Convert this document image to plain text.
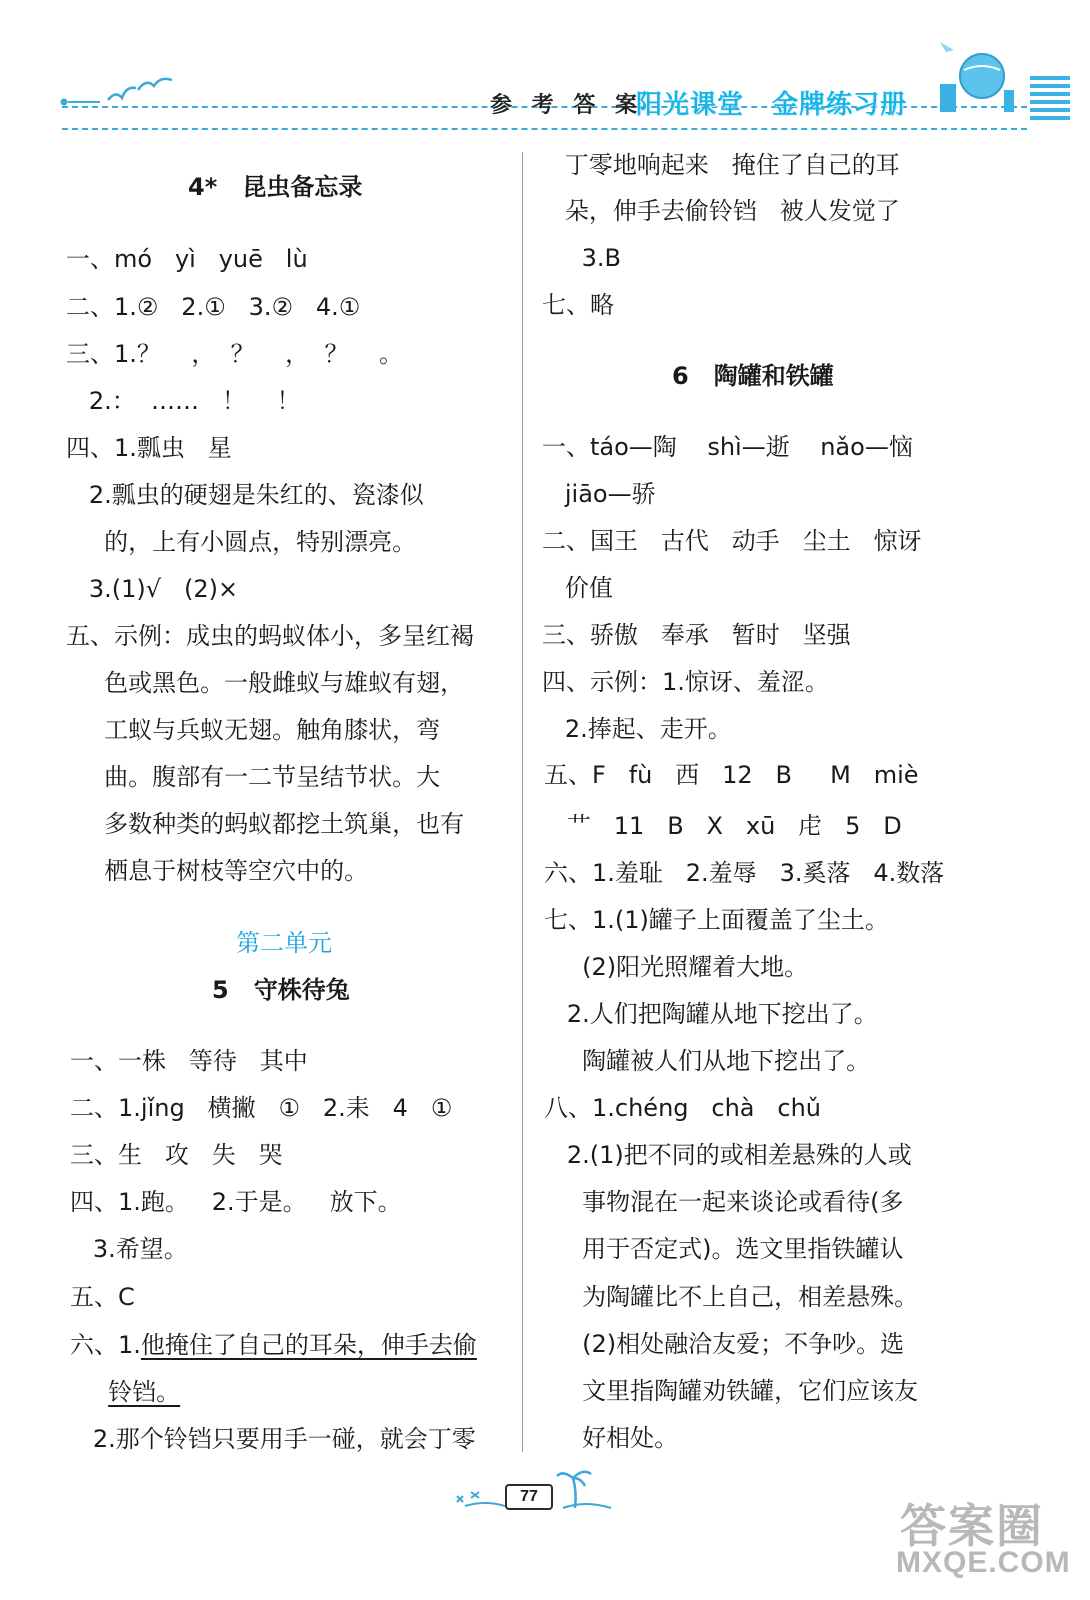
参 考 答 案
阳光课堂 金牌练习册
77
答案圈
MXQE.COM
4*   昆虫备忘录
一、mó   yì   yuē   lù
二、1.②   2.①   3.②   4.①
三、1.？    ，  ？    ，  ？    。
2.：  ……   ！    ！
四、1.瓢虫   星
2.瓢虫的硬翅是朱红的、瓷漆似
的，上有小圆点，特别漂亮。
3.(1)√   (2)×
五、示例：成虫的蚂蚁体小，多呈红褐
色或黑色。一般雌蚁与雄蚁有翅，
工蚁与兵蚁无翅。触角膝状，弯
曲。腹部有一二节呈结节状。大
多数种类的蚂蚁都挖土筑巢，也有
栖息于树枝等空穴中的。
第二单元
5   守株待兔
一、一株   等待   其中
二、1.jǐng   横撇   ①   2.耒   4   ①
三、生   攻   失   哭
四、1.跑。   2.于是。   放下。
3.希望。
五、C
六、1.他掩住了自己的耳朵，伸手去偷
铃铛。
2.那个铃铛只要用手一碰，就会丁零
丁零地响起来   掩住了自己的耳
朵，伸手去偷铃铛   被人发觉了
3.B
七、略
6   陶罐和铁罐
一、táo—陶    shì—逝    nǎo—恼
jiāo—骄
二、国王   古代   动手   尘土   惊讶
价值
三、骄傲   奉承   暂时   坚强
四、示例：1.惊讶、羞涩。
2.捧起、走开。
五、F   fù   西   12   B     M   miè
艹   11   B   X   xū   虍   5   D
六、1.羞耻   2.羞辱   3.奚落   4.数落
七、1.(1)罐子上面覆盖了尘土。
(2)阳光照耀着大地。
2.人们把陶罐从地下挖出了。
陶罐被人们从地下挖出了。
八、1.chéng   chà   chǔ
2.(1)把不同的或相差悬殊的人或
事物混在一起来谈论或看待(多
用于否定式)。选文里指铁罐认
为陶罐比不上自己，相差悬殊。
(2)相处融洽友爱；不争吵。选
文里指陶罐劝铁罐，它们应该友
好相处。
